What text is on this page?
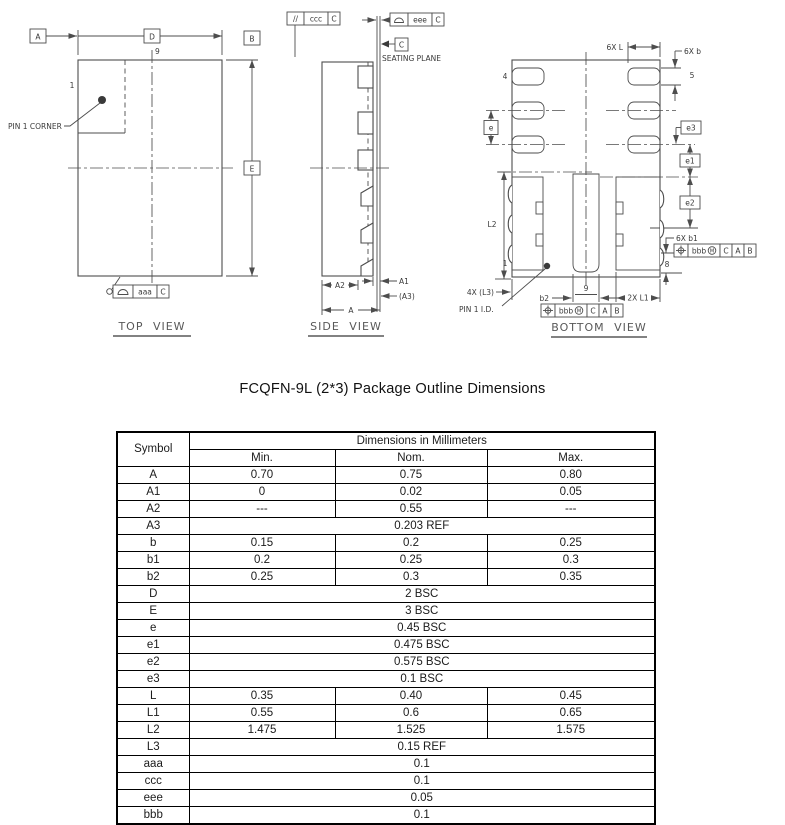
PIN 1 CORNER
1
9
D
A
E
B
aaa C
TOP VIEW
// ccc C	eee C
C
SEATING PLANE
A2	A1
(A3)
A
SIDE VIEW
e
4
6X L	6X b
5
e3
e1
e2
L2
1
6X b1
8
bbb M C A B
4X (L3)
PIN 1 I.D.
b2
9
2X L1
bbb M C A B
BOTTOM VIEW
FCQFN-9L (2*3) Package Outline Dimensions
Symbol	Dimensions in Millimeters		
	Min.	Nom.	Max.
A	0.70	0.75	0.80
A1	0	0.02	0.05
A2	---	0.55	---
A3	0.203 REF		
b	0.15	0.2	0.25
b1	0.2	0.25	0.3
b2	0.25	0.3	0.35
D	2 BSC		
E	3 BSC		
e	0.45 BSC		
e1	0.475 BSC		
e2	0.575 BSC		
e3	0.1 BSC		
L	0.35	0.40	0.45
L1	0.55	0.6	0.65
L2	1.475	1.525	1.575
L3	0.15 REF		
aaa	0.1		
ccc	0.1		
eee	0.05		
bbb	0.1		
